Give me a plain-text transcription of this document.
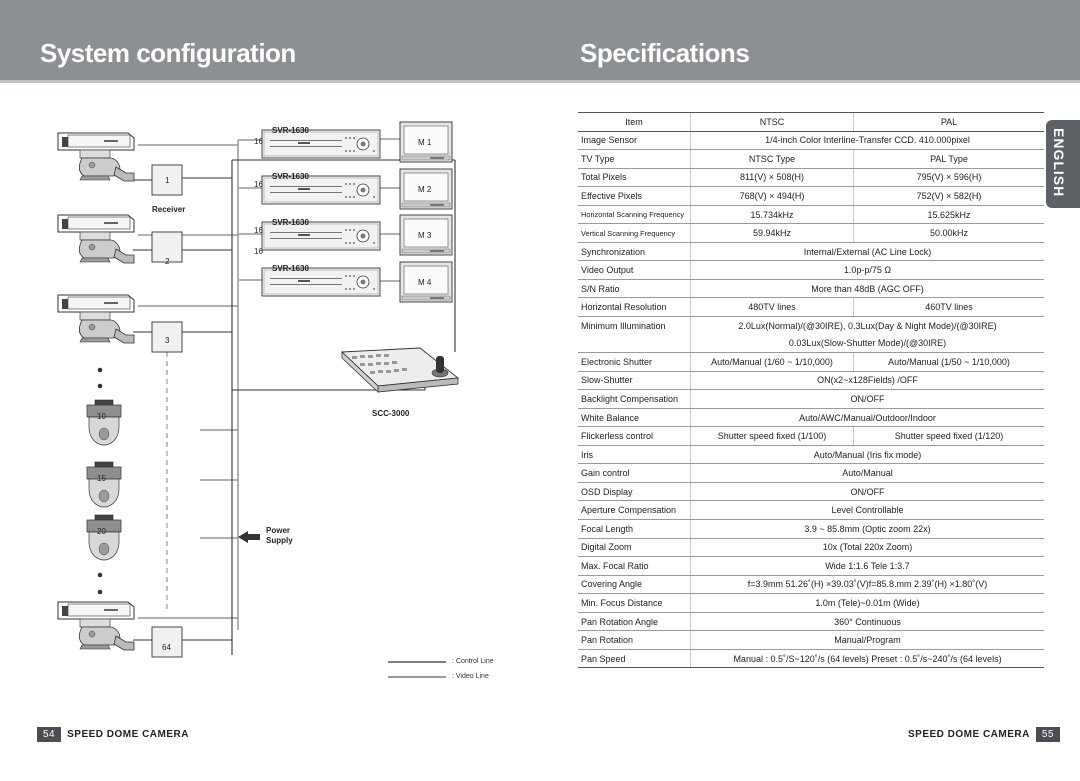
System configuration	Specifications
SVR-1630
SVR-1630
SVR-1630
SVR-1630
16
16
16
16
M 1
M 2
M 3
M 4
1
Receiver
2
3
64
10
15
20
SCC-3000
Power
Supply
: Control Line
: Video Line
Item	NTSC	PAL
Image Sensor	1/4-inch Color Interline-Transfer CCD. 410.000pixel	
TV Type	NTSC Type	PAL Type
Total Pixels	811(V) × 508(H)	795(V) × 596(H)
Effective Pixels	768(V) × 494(H)	752(V) × 582(H)
Horizontal Scanning Frequency	15.734kHz	15.625kHz
Vertical Scanning Frequency	59.94kHz	50.00kHz
Synchronization	Internal/External (AC Line Lock)	
Video Output	1.0p-p/75 Ω	
S/N Ratio	More than 48dB (AGC OFF)	
Horizontal Resolution	480TV lines	460TV lines
Minimum Illumination	2.0Lux(Normal)/(@30IRE), 0.3Lux(Day & Night Mode)/(@30IRE)	
	0.03Lux(Slow-Shutter Mode)/(@30IRE)	
Electronic Shutter	Auto/Manual (1/60 ~ 1/10,000)	Auto/Manual (1/50 ~ 1/10,000)
Slow-Shutter	ON(x2~x128Fields) /OFF	
Backlight Compensation	ON/OFF	
White Balance	Auto/AWC/Manual/Outdoor/Indoor	
Flickerless control	Shutter speed fixed (1/100)	Shutter speed fixed (1/120)
Iris	Auto/Manual (Iris fix mode)	
Gain control	Auto/Manual	
OSD Display	ON/OFF	
Aperture Compensation	Level Controllable	
Focal Length	3.9 ~ 85.8mm (Optic zoom 22x)	
Digital Zoom	10x (Total 220x Zoom)	
Max. Focal Ratio	Wide 1:1.6 Tele 1:3.7	
Covering Angle	f=3.9mm 51.26˚(H) ×39.03˚(V)f=85.8.mm 2.39˚(H) ×1.80˚(V)	
Min. Focus Distance	1.0m (Tele)~0.01m (Wide)	
Pan Rotation Angle	360° Continuous	
Pan Rotation	Manual/Program	
Pan Speed	Manual : 0.5˚/S~120˚/s (64 levels) Preset : 0.5˚/s~240˚/s (64 levels)	
ENGLISH
54 SPEED DOME CAMERA	SPEED DOME CAMERA 55
